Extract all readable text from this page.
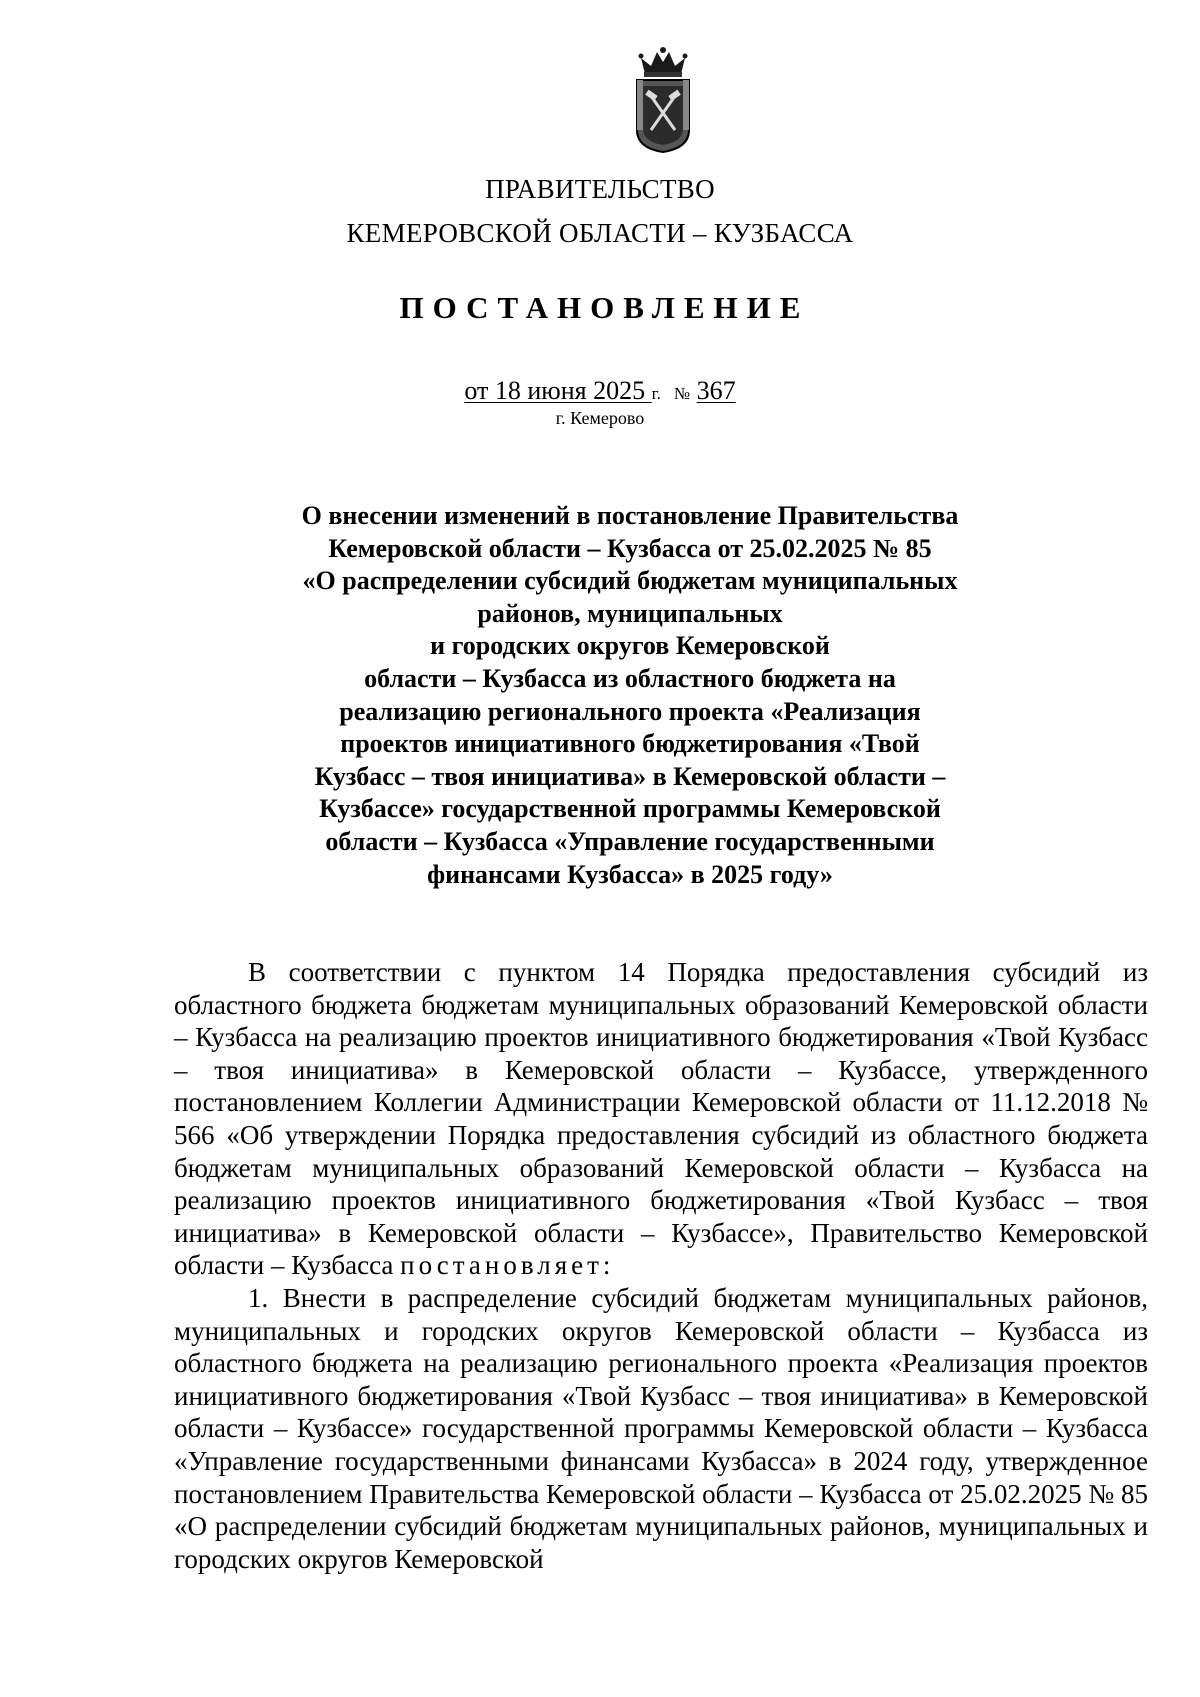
ПРАВИТЕЛЬСТВО
КЕМЕРОВСКОЙ ОБЛАСТИ – КУЗБАССА
ПОСТАНОВЛЕНИЕ
от 18 июня 2025 г. № 367
г. Кемерово
О внесении изменений в постановление Правительства
Кемеровской области – Кузбасса от 25.02.2025 № 85
«О распределении субсидий бюджетам муниципальных
районов, муниципальных
и городских округов Кемеровской
области – Кузбасса из областного бюджета на
реализацию регионального проекта «Реализация
проектов инициативного бюджетирования «Твой
Кузбасс – твоя инициатива» в Кемеровской области –
Кузбассе» государственной программы Кемеровской
области – Кузбасса «Управление государственными
финансами Кузбасса» в 2025 году»

В соответствии с пунктом 14 Порядка предоставления субсидий из областного бюджета бюджетам муниципальных образований Кемеровской области – Кузбасса на реализацию проектов инициативного бюджетирования «Твой Кузбасс – твоя инициатива» в Кемеровской области – Кузбассе, утвержденного постановлением Коллегии Администрации Кемеровской области от 11.12.2018 № 566 «Об утверждении Порядка предоставления субсидий из областного бюджета бюджетам муниципальных образований Кемеровской области – Кузбасса на реализацию проектов инициативного бюджетирования «Твой Кузбасс – твоя инициатива» в Кемеровской области – Кузбассе», Правительство Кемеровской области – Кузбасса постановляет:

1. Внести в распределение субсидий бюджетам муниципальных районов, муниципальных и городских округов Кемеровской области – Кузбасса из областного бюджета на реализацию регионального проекта «Реализация проектов инициативного бюджетирования «Твой Кузбасс – твоя инициатива» в Кемеровской области – Кузбассе» государственной программы Кемеровской области – Кузбасса «Управление государственными финансами Кузбасса» в 2024 году, утвержденное постановлением Правительства Кемеровской области – Кузбасса от 25.02.2025 № 85 «О распределении субсидий бюджетам муниципальных районов, муниципальных и городских округов Кемеровской
